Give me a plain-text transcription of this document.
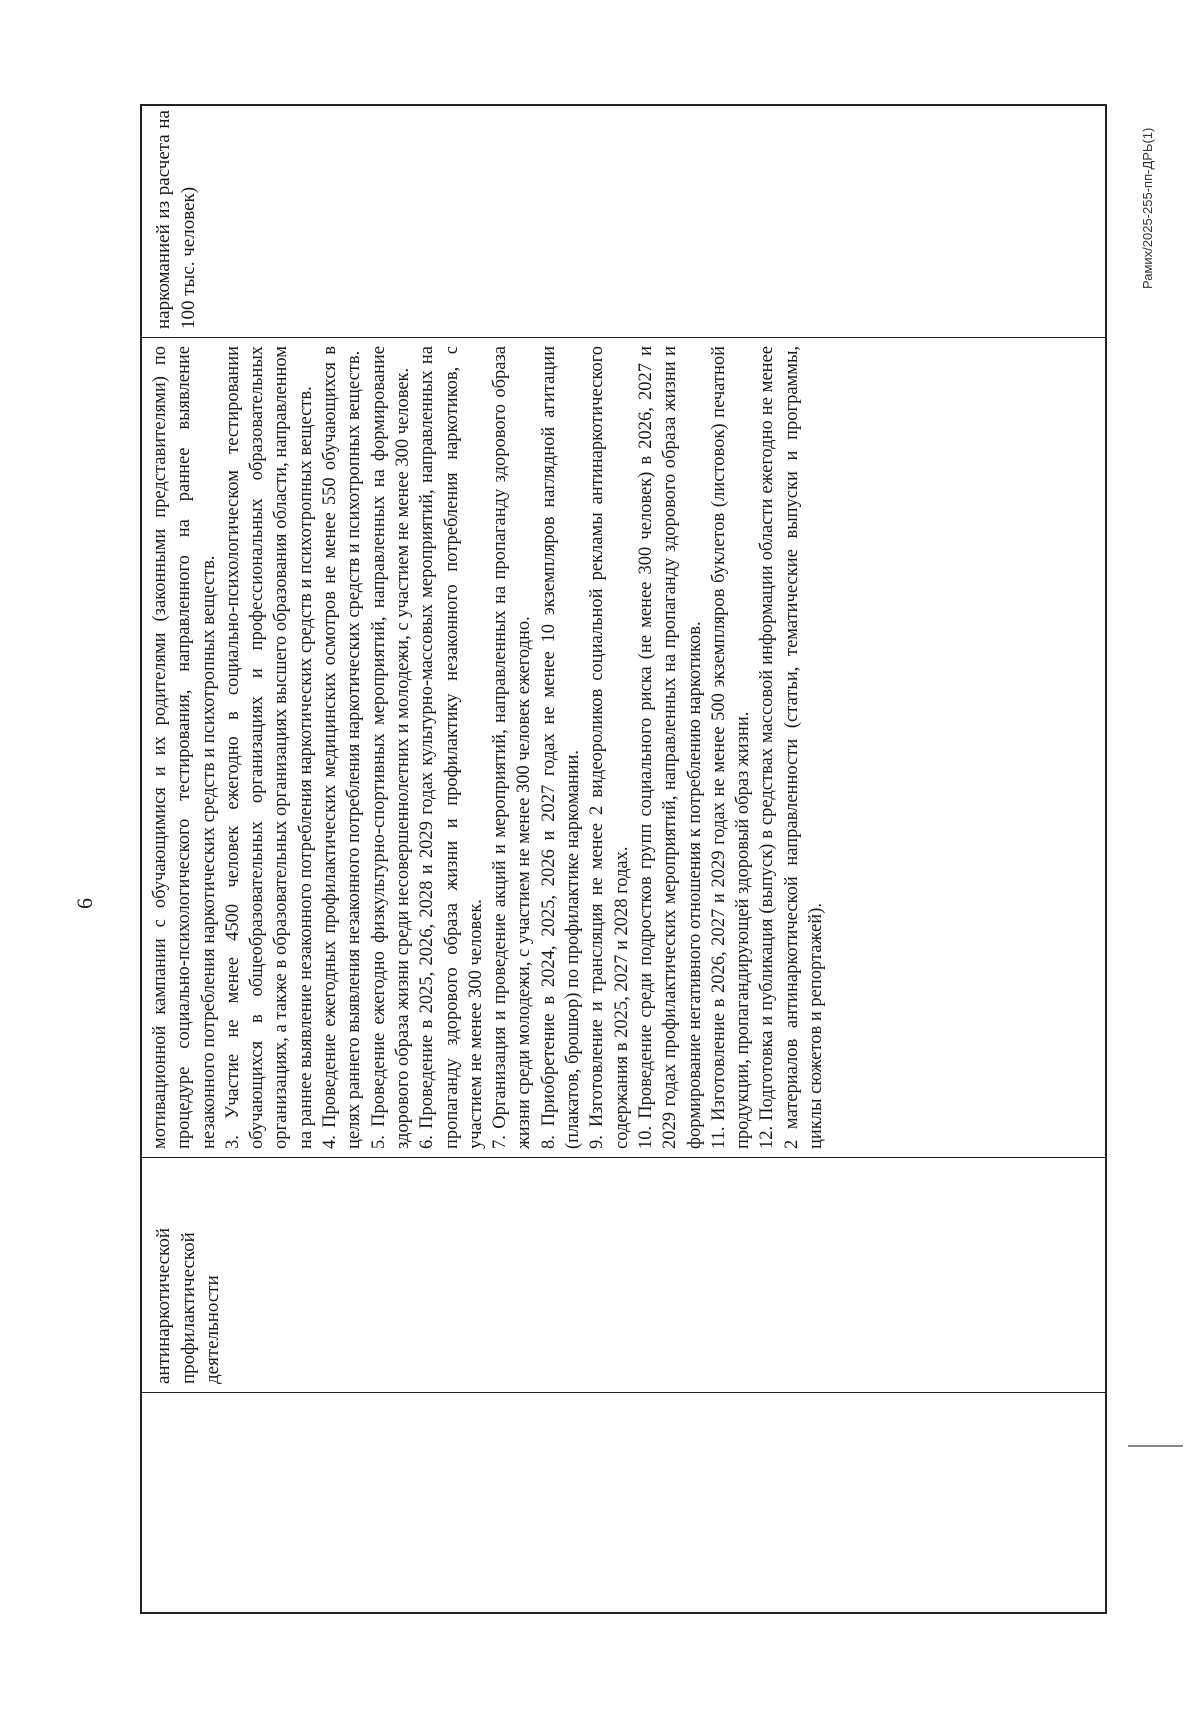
6

антинаркотической профилактической деятельности

мотивационной кампании с обучающимися и их родителями (законными представителями) по процедуре социально-психологического тестирования, направленного на раннее выявление незаконного потребления наркотических средств и психотропных веществ. 3. Участие не менее 4500 человек ежегодно в социально-психологическом тестировании обучающихся в общеобразовательных организациях и профессиональных образовательных организациях, а также в образовательных организациях высшего образования области, направленном на раннее выявление незаконного потребления наркотических средств и психотропных веществ. 4. Проведение ежегодных профилактических медицинских осмотров не менее 550 обучающихся в целях раннего выявления незаконного потребления наркотических средств и психотропных веществ. 5. Проведение ежегодно физкультурно-спортивных мероприятий, направленных на формирование здорового образа жизни среди несовершеннолетних и молодежи, с участием не менее 300 человек. 6. Проведение в 2025, 2026, 2028 и 2029 годах культурно-массовых мероприятий, направленных на пропаганду здорового образа жизни и профилактику незаконного потребления наркотиков, с участием не менее 300 человек. 7. Организация и проведение акций и мероприятий, направленных на пропаганду здорового образа жизни среди молодежи, с участием не менее 300 человек ежегодно. 8. Приобретение в 2024, 2025, 2026 и 2027 годах не менее 10 экземпляров наглядной агитации (плакатов, брошюр) по профилактике наркомании. 9. Изготовление и трансляция не менее 2 видеороликов социальной рекламы антинаркотического содержания в 2025, 2027 и 2028 годах. 10. Проведение среди подростков групп социального риска (не менее 300 человек) в 2026, 2027 и 2029 годах профилактических мероприятий, направленных на пропаганду здорового образа жизни и формирование негативного отношения к потреблению наркотиков. 11. Изготовление в 2026, 2027 и 2029 годах не менее 500 экземпляров буклетов (листовок) печатной продукции, пропагандирующей здоровый образ жизни. 12. Подготовка и публикация (выпуск) в средствах массовой информации области ежегодно не менее 2 материалов антинаркотической направленности (статьи, тематические выпуски и программы, циклы сюжетов и репортажей).

наркоманией из расчета на 100 тыс. человек)	Рамих/2025-255-пп-ДРЬ(1)
